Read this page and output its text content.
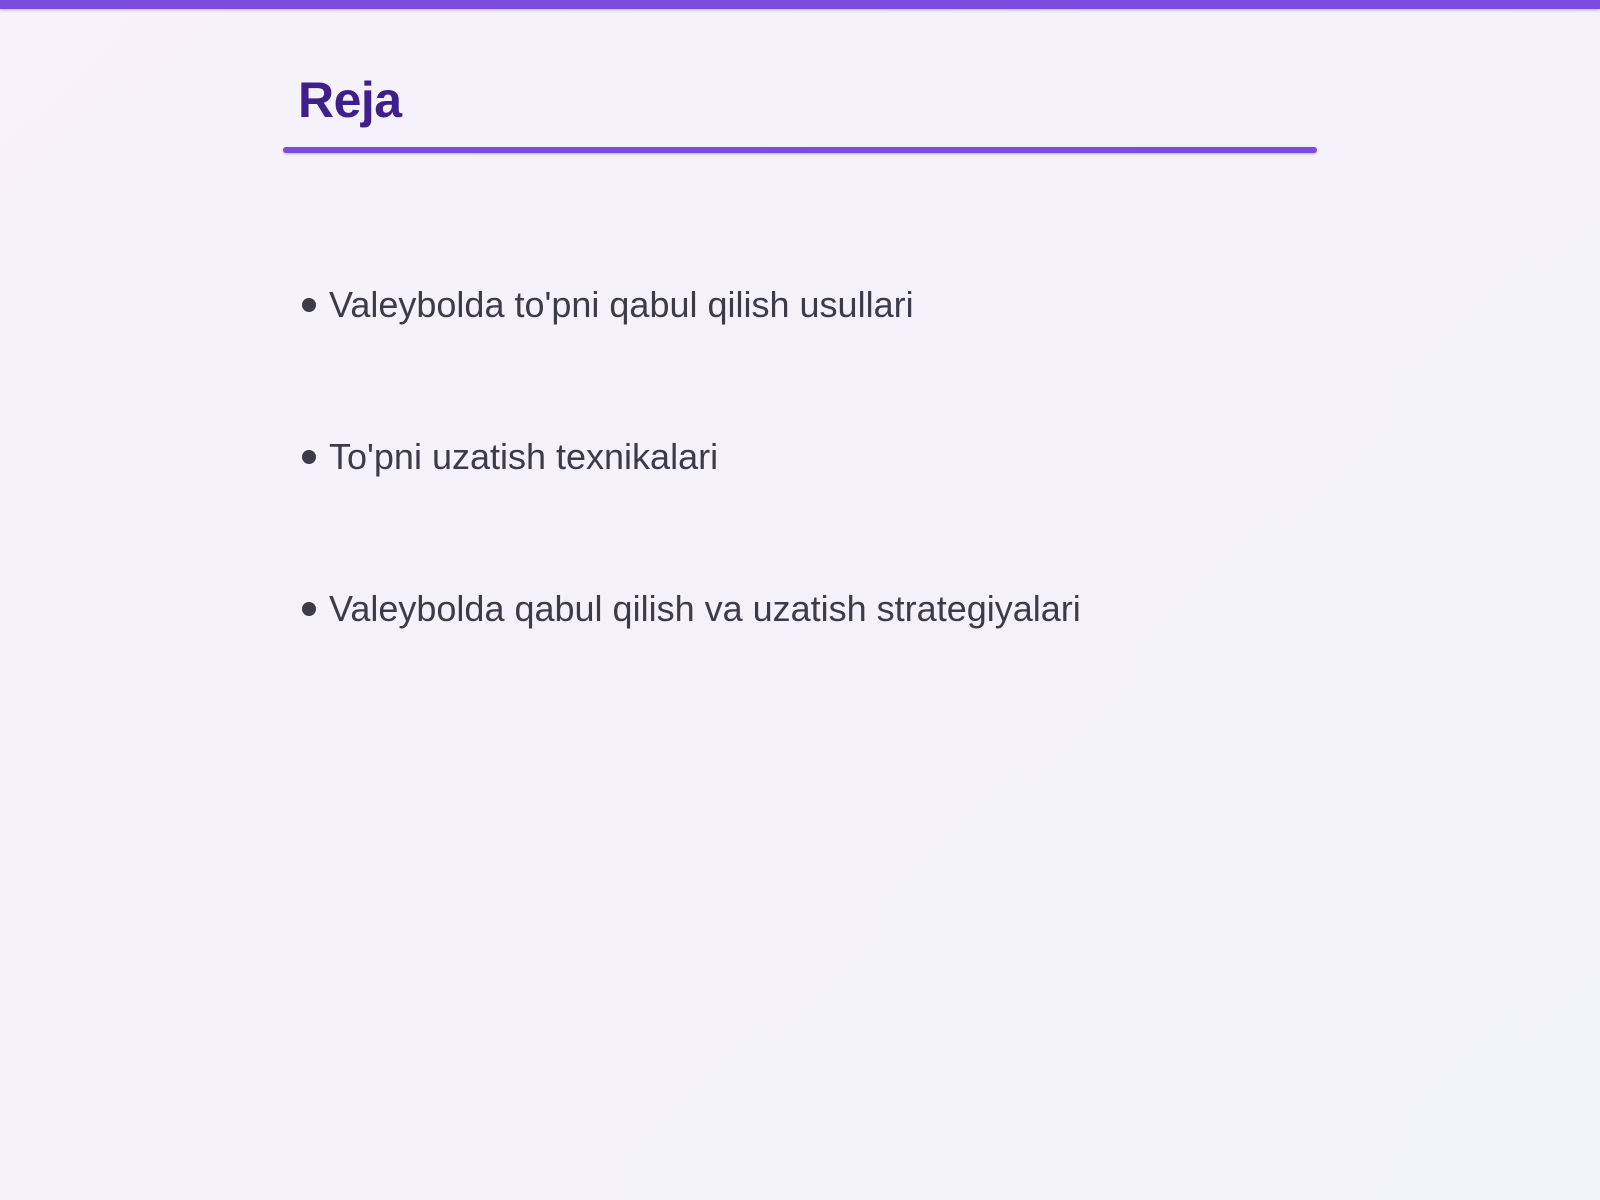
Reja
Valeybolda to'pni qabul qilish usullari
To'pni uzatish texnikalari
Valeybolda qabul qilish va uzatish strategiyalari
